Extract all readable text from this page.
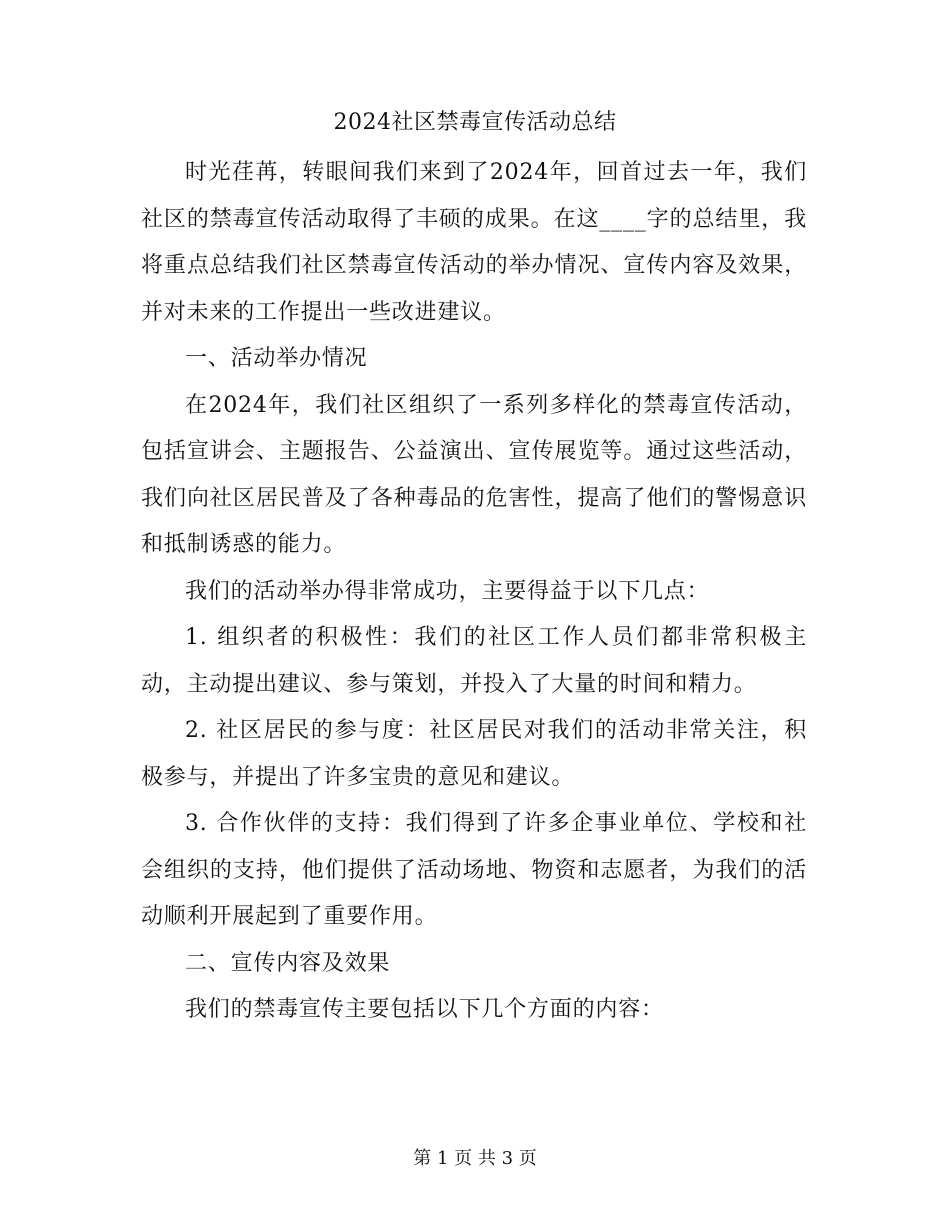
2024社区禁毒宣传活动总结

时光荏苒，转眼间我们来到了2024年，回首过去一年，我们社区的禁毒宣传活动取得了丰硕的成果。在这____字的总结里，我将重点总结我们社区禁毒宣传活动的举办情况、宣传内容及效果，并对未来的工作提出一些改进建议。

一、活动举办情况

在2024年，我们社区组织了一系列多样化的禁毒宣传活动，包括宣讲会、主题报告、公益演出、宣传展览等。通过这些活动，我们向社区居民普及了各种毒品的危害性，提高了他们的警惕意识和抵制诱惑的能力。

我们的活动举办得非常成功，主要得益于以下几点：

1. 组织者的积极性：我们的社区工作人员们都非常积极主动，主动提出建议、参与策划，并投入了大量的时间和精力。

2. 社区居民的参与度：社区居民对我们的活动非常关注，积极参与，并提出了许多宝贵的意见和建议。

3. 合作伙伴的支持：我们得到了许多企事业单位、学校和社会组织的支持，他们提供了活动场地、物资和志愿者，为我们的活动顺利开展起到了重要作用。

二、宣传内容及效果

我们的禁毒宣传主要包括以下几个方面的内容：

第 1 页 共 3 页
